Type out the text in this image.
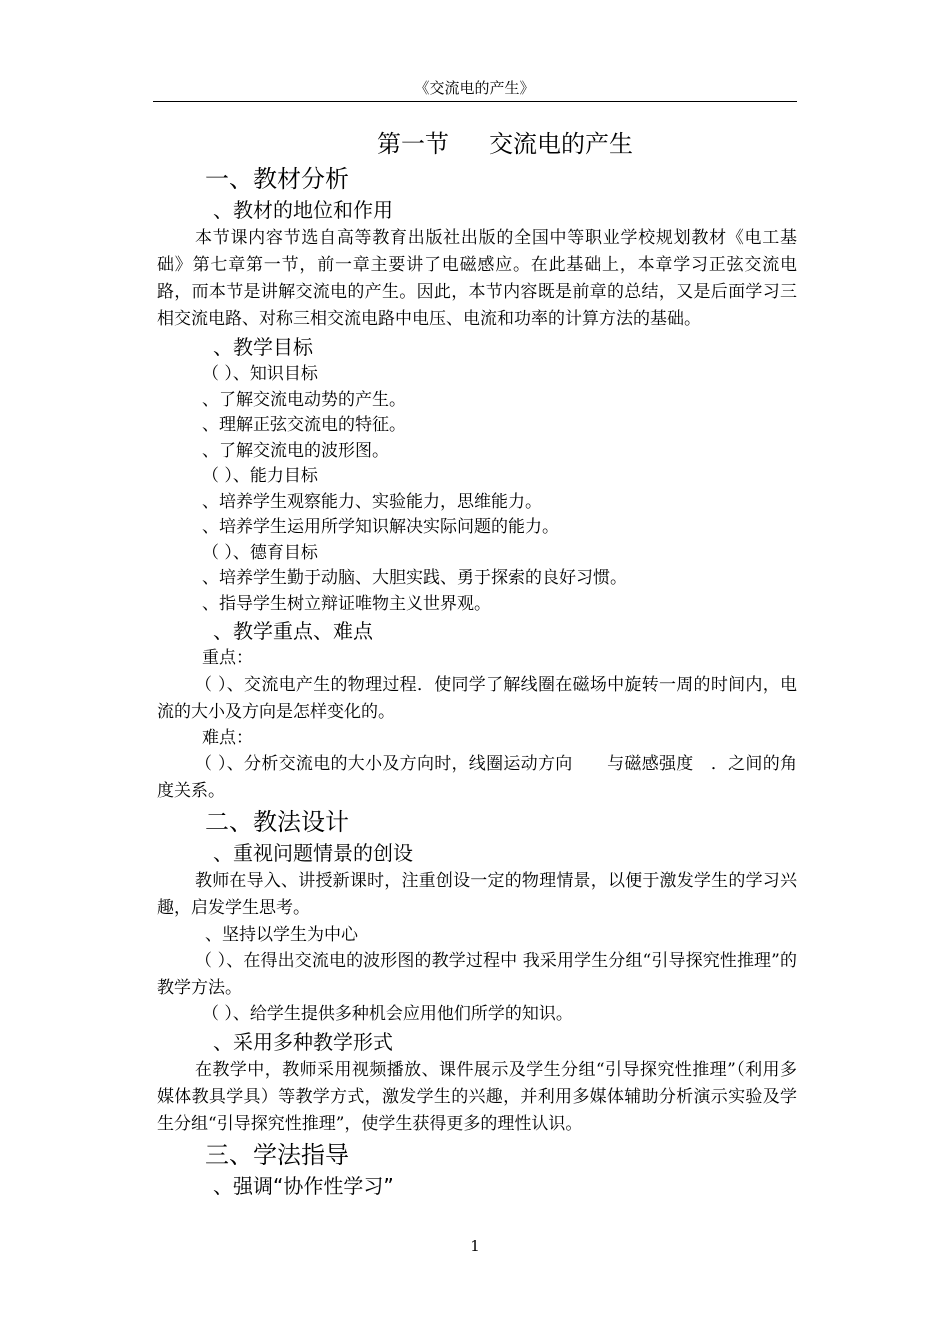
《交流电的产生》
第一节 交流电的产生
一、教材分析
、教材的地位和作用

本节课内容节选自高等教育出版社出版的全国中等职业学校规划教材《电工基础》第七章第一节，前一章主要讲了电磁感应。在此基础上，本章学习正弦交流电路，而本节是讲解交流电的产生。因此，本节内容既是前章的总结，又是后面学习三相交流电路、对称三相交流电路中电压、电流和功率的计算方法的基础。

、教学目标
（ ）、知识目标
、了解交流电动势的产生。
、理解正弦交流电的特征。
、了解交流电的波形图。
（ ）、能力目标
、培养学生观察能力、实验能力，思维能力。
、培养学生运用所学知识解决实际问题的能力。
（ ）、德育目标
、培养学生勤于动脑、大胆实践、勇于探索的良好习惯。
、指导学生树立辩证唯物主义世界观。
、教学重点、难点
重点：

（ ）、交流电产生的物理过程．使同学了解线圈在磁场中旋转一周的时间内，电流的大小及方向是怎样变化的。

难点：

（ ）、分析交流电的大小及方向时，线圈运动方向　　与磁感强度　．之间的角度关系。

二、教法设计
、重视问题情景的创设

教师在导入、讲授新课时，注重创设一定的物理情景，以便于激发学生的学习兴趣，启发学生思考。

、坚持以学生为中心

（ ）、在得出交流电的波形图的教学过程中 我采用学生分组“引导探究性推理”的教学方法。

（ ）、给学生提供多种机会应用他们所学的知识。
、采用多种教学形式

在教学中，教师采用视频播放、课件展示及学生分组“引导探究性推理”（利用多媒体教具学具）等教学方式，激发学生的兴趣，并利用多媒体辅助分析演示实验及学生分组“引导探究性推理”，使学生获得更多的理性认识。

三、学法指导
、强调“协作性学习”
1
